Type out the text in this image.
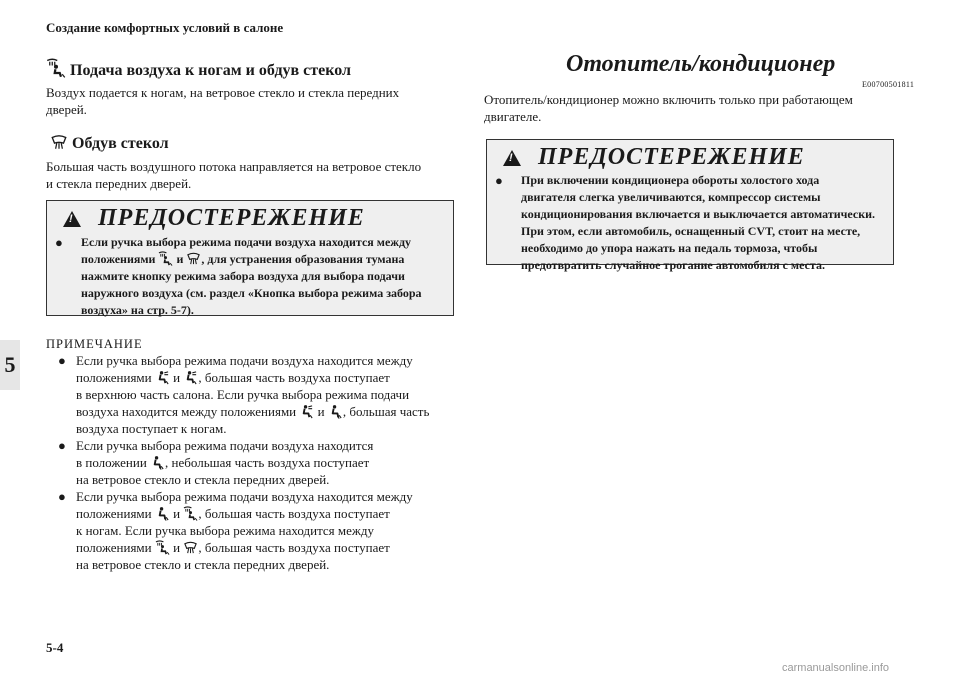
Создание комфортных условий в салоне
5
Подача воздуха к ногам и обдув стекол
Воздух подается к ногам, на ветровое стекло и стекла передних
дверей.
Обдув стекол
Большая часть воздушного потока направляется на ветровое стекло
и стекла передних дверей.
! ПРЕДОСТЕРЕЖЕНИЕ
● Если ручка выбора режима подачи воздуха находится между
положениями и , для устранения образования тумана
нажмите кнопку режима забора воздуха для выбора подачи
наружного воздуха (см. раздел «Кнопка выбора режима забора
воздуха» на стр. 5-7).
ПРИМЕЧАНИЕ
● Если ручка выбора режима подачи воздуха находится между
положениями и , большая часть воздуха поступает
в верхнюю часть салона. Если ручка выбора режима подачи
воздуха находится между положениями и , большая часть
воздуха поступает к ногам.
● Если ручка выбора режима подачи воздуха находится
в положении , небольшая часть воздуха поступает
на ветровое стекло и стекла передних дверей.
● Если ручка выбора режима подачи воздуха находится между
положениями и , большая часть воздуха поступает
к ногам. Если ручка выбора режима находится между
положениями и , большая часть воздуха поступает
на ветровое стекло и стекла передних дверей.
Отопитель/кондиционер
E00700501811
Отопитель/кондиционер можно включить только при работающем
двигателе.
! ПРЕДОСТЕРЕЖЕНИЕ
● При включении кондиционера обороты холостого хода
двигателя слегка увеличиваются, компрессор системы
кондиционирования включается и выключается автоматически.
При этом, если автомобиль, оснащенный CVT, стоит на месте,
необходимо до упора нажать на педаль тормоза, чтобы
предотвратить случайное трогание автомобиля с места.
5-4
carmanualsonline.info
